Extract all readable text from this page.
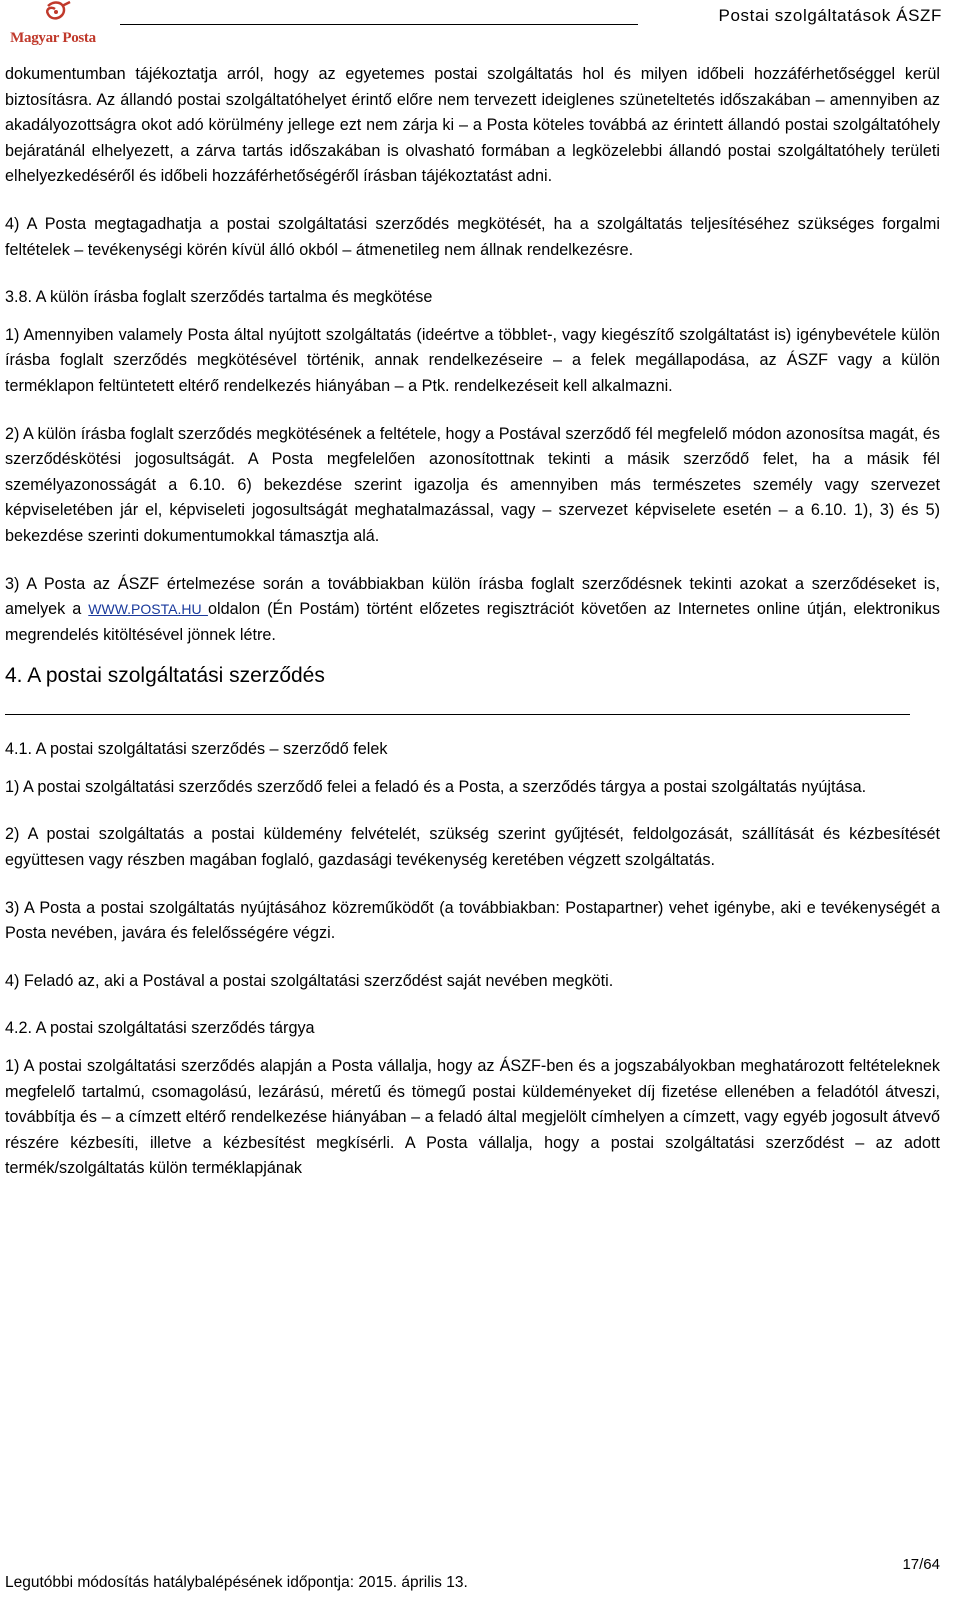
Magyar Posta
Postai szolgáltatások ÁSZF

dokumentumban tájékoztatja arról, hogy az egyetemes postai szolgáltatás hol és milyen időbeli hozzáférhetőséggel kerül biztosításra. Az állandó postai szolgáltatóhelyet érintő előre nem tervezett ideiglenes szüneteltetés időszakában – amennyiben az akadályozottságra okot adó körülmény jellege ezt nem zárja ki – a Posta köteles továbbá az érintett állandó postai szolgáltatóhely bejáratánál elhelyezett, a zárva tartás időszakában is olvasható formában a legközelebbi állandó postai szolgáltatóhely területi elhelyezkedéséről és időbeli hozzáférhetőségéről írásban tájékoztatást adni.

4) A Posta megtagadhatja a postai szolgáltatási szerződés megkötését, ha a szolgáltatás teljesítéséhez szükséges forgalmi feltételek – tevékenységi körén kívül álló okból – átmenetileg nem állnak rendelkezésre.

3.8. A külön írásba foglalt szerződés tartalma és megkötése

1) Amennyiben valamely Posta által nyújtott szolgáltatás (ideértve a többlet-, vagy kiegészítő szolgáltatást is) igénybevétele külön írásba foglalt szerződés megkötésével történik, annak rendelkezéseire – a felek megállapodása, az ÁSZF vagy a külön terméklapon feltüntetett eltérő rendelkezés hiányában – a Ptk. rendelkezéseit kell alkalmazni.

2) A külön írásba foglalt szerződés megkötésének a feltétele, hogy a Postával szerződő fél megfelelő módon azonosítsa magát, és szerződéskötési jogosultságát. A Posta megfelelően azonosítottnak tekinti a másik szerződő felet, ha a másik fél személyazonosságát a 6.10. 6) bekezdése szerint igazolja és amennyiben más természetes személy vagy szervezet képviseletében jár el, képviseleti jogosultságát meghatalmazással, vagy – szervezet képviselete esetén – a 6.10. 1), 3) és 5) bekezdése szerinti dokumentumokkal támasztja alá.

3) A Posta az ÁSZF értelmezése során a továbbiakban külön írásba foglalt szerződésnek tekinti azokat a szerződéseket is, amelyek a WWW.POSTA.HU oldalon (Én Postám) történt előzetes regisztrációt követően az Internetes online útján, elektronikus megrendelés kitöltésével jönnek létre.

4. A postai szolgáltatási szerződés

4.1. A postai szolgáltatási szerződés – szerződő felek

1) A postai szolgáltatási szerződés szerződő felei a feladó és a Posta, a szerződés tárgya a postai szolgáltatás nyújtása.

2) A postai szolgáltatás a postai küldemény felvételét, szükség szerint gyűjtését, feldolgozását, szállítását és kézbesítését együttesen vagy részben magában foglaló, gazdasági tevékenység keretében végzett szolgáltatás.

3) A Posta a postai szolgáltatás nyújtásához közreműködőt (a továbbiakban: Postapartner) vehet igénybe, aki e tevékenységét a Posta nevében, javára és felelősségére végzi.

4) Feladó az, aki a Postával a postai szolgáltatási szerződést saját nevében megköti.

4.2. A postai szolgáltatási szerződés tárgya

1) A postai szolgáltatási szerződés alapján a Posta vállalja, hogy az ÁSZF-ben és a jogszabályokban meghatározott feltételeknek megfelelő tartalmú, csomagolású, lezárású, méretű és tömegű postai küldeményeket díj fizetése ellenében a feladótól átveszi, továbbítja és – a címzett eltérő rendelkezése hiányában – a feladó által megjelölt címhelyen a címzett, vagy egyéb jogosult átvevő részére kézbesíti, illetve a kézbesítést megkísérli. A Posta vállalja, hogy a postai szolgáltatási szerződést – az adott termék/szolgáltatás külön terméklapjának

17/64
Legutóbbi módosítás hatálybalépésének időpontja: 2015. április 13.
